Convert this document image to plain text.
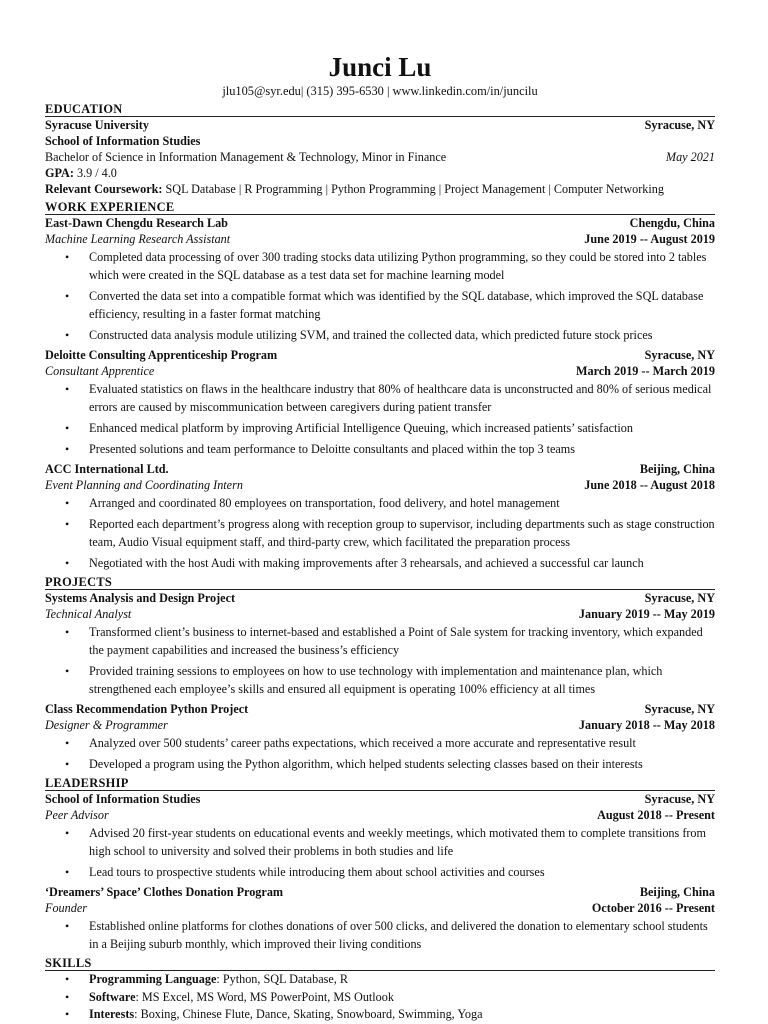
Junci Lu
jlu105@syr.edu| (315) 395-6530 | www.linkedin.com/in/juncilu
EDUCATION
Syracuse University	Syracuse, NY
School of Information Studies
Bachelor of Science in Information Management & Technology, Minor in Finance	May 2021
GPA: 3.9 / 4.0
Relevant Coursework: SQL Database | R Programming | Python Programming | Project Management | Computer Networking
WORK EXPERIENCE
East-Dawn Chengdu Research Lab	Chengdu, China
Machine Learning Research Assistant	June 2019 -- August 2019
• Completed data processing of over 300 trading stocks data utilizing Python programming, so they could be stored into 2 tables which were created in the SQL database as a test data set for machine learning model
• Converted the data set into a compatible format which was identified by the SQL database, which improved the SQL database efficiency, resulting in a faster format matching
• Constructed data analysis module utilizing SVM, and trained the collected data, which predicted future stock prices
Deloitte Consulting Apprenticeship Program	Syracuse, NY
Consultant Apprentice	March 2019 -- March 2019
• Evaluated statistics on flaws in the healthcare industry that 80% of healthcare data is unconstructed and 80% of serious medical errors are caused by miscommunication between caregivers during patient transfer
• Enhanced medical platform by improving Artificial Intelligence Queuing, which increased patients’ satisfaction
• Presented solutions and team performance to Deloitte consultants and placed within the top 3 teams
ACC International Ltd.	Beijing, China
Event Planning and Coordinating Intern	June 2018 -- August 2018
• Arranged and coordinated 80 employees on transportation, food delivery, and hotel management
• Reported each department’s progress along with reception group to supervisor, including departments such as stage construction team, Audio Visual equipment staff, and third-party crew, which facilitated the preparation process
• Negotiated with the host Audi with making improvements after 3 rehearsals, and achieved a successful car launch
PROJECTS
Systems Analysis and Design Project	Syracuse, NY
Technical Analyst	January 2019 -- May 2019
• Transformed client’s business to internet-based and established a Point of Sale system for tracking inventory, which expanded the payment capabilities and increased the business’s efficiency
• Provided training sessions to employees on how to use technology with implementation and maintenance plan, which strengthened each employee’s skills and ensured all equipment is operating 100% efficiency at all times
Class Recommendation Python Project	Syracuse, NY
Designer & Programmer	January 2018 -- May 2018
• Analyzed over 500 students’ career paths expectations, which received a more accurate and representative result
• Developed a program using the Python algorithm, which helped students selecting classes based on their interests
LEADERSHIP
School of Information Studies	Syracuse, NY
Peer Advisor	August 2018 -- Present
• Advised 20 first-year students on educational events and weekly meetings, which motivated them to complete transitions from high school to university and solved their problems in both studies and life
• Lead tours to prospective students while introducing them about school activities and courses
‘Dreamers’ Space’ Clothes Donation Program	Beijing, China
Founder	October 2016 -- Present
• Established online platforms for clothes donations of over 500 clicks, and delivered the donation to elementary school students in a Beijing suburb monthly, which improved their living conditions
SKILLS
• Programming Language: Python, SQL Database, R
• Software: MS Excel, MS Word, MS PowerPoint, MS Outlook
• Interests: Boxing, Chinese Flute, Dance, Skating, Snowboard, Swimming, Yoga
